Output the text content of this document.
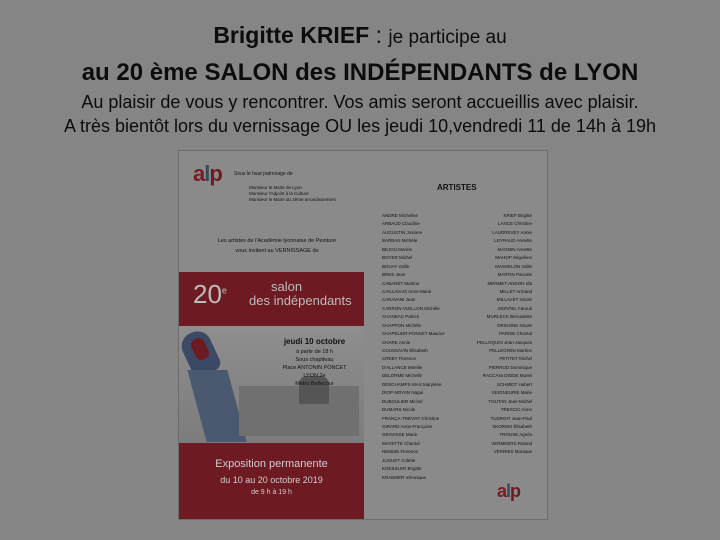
Brigitte KRIEF : je participe au
au 20 ème SALON des INDÉPENDANTS de LYON
Au plaisir de vous y rencontrer. Vos amis seront accueillis avec plaisir.
A très bientôt lors du vernissage OU les jeudi 10,vendredi 11 de 14h à 19h
alp Sous le haut patronage de
Monsieur le Maire de Lyon
Monsieur l'Adjoint à la Culture
Monsieur le Maire du 2ème arrondissement
Les artistes de l'Académie lyonnaise de Peinture
vous invitent au VERNISSAGE du
20e	salon
des indépendants
jeudi 10 octobre
à partir de 18 h
Sous chapiteau
Place ANTONIN PONCET
LYON 2e
Métro Bellecour
Exposition permanente
du 10 au 20 octobre 2019
de 9 h à 19 h
ARTISTES
ANDRE Micheline	KRIEF Brigitte
ARBAUD Claudine	LANCE Christine
AUGUSTIN Josiane	LAUDREVEY Annie
BARBAN Michèle	LEYRAUD Annette
BEJOU Marine	MAGNIN Annette
BOYER Michel	MAHOP Ségolène
BOUAY Odile	MASSELON Odile
BRES Jean	MARTIN Pascale
CABARET Martine	MERMET-ANDON Ida
CAILLAVAIS Anne-Marie	MILLET Armand
CARAVANI Jean	MILLAVET Nicole
CARRON-VIZILLON Michèle	MONTEL Farouk
CHANEAC Patrick	MURLECK Bernadette
CHAPPON Michèle	ORIGONE Nicole
CHAPELIER-PONSET Maurice	PARISE Chantal
CHARE Annie	PELLOQUIN Jean-Jacques
COUSSAVIN Élisabeth	PELLEGRINI Martine
CREBY Florence	PETITET Michel
D'ALLANCE Mireille	PIERROD Dominique
DELORME Michelle	RACCANI DIODE Muriel
DESCHAMPS-MAS Marylène	SCHMIDT Hubert
DIOP-NOYAN Nagui	SEIGNEURIE Marie
DUBOULIER Michel	TOUTAN Jean-Michel
DUMARS Nicole	TRESCIC Anne
FRANÇA-TREVOT Christine	TUDROIT Jean-Paul
GIRARD Anne-Françoise	SKORSKI Élisabeth
GRAVISSE Marie	TROUSE Agnès
MAYETTE Chantal	VERMEERS Roland
NEMISE Florence	VERRIES Monique
JUGUET Colette
KOESSLER Brigitte
KRAEMER Véronique
alp
